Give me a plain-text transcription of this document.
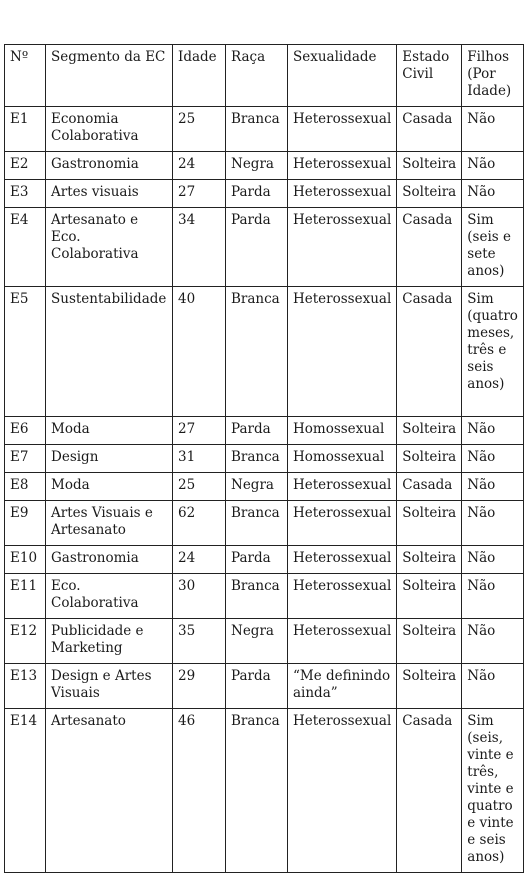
Nº	Segmento da EC	Idade	Raça	Sexualidade	Estado Civil	Filhos (Por Idade)
E1	Economia Colaborativa	25	Branca	Heterossexual	Casada	Não
E2	Gastronomia	24	Negra	Heterossexual	Solteira	Não
E3	Artes visuais	27	Parda	Heterossexual	Solteira	Não
E4	Artesanato e Eco. Colaborativa	34	Parda	Heterossexual	Casada	Sim (seis e sete anos)
E5	Sustentabilidade	40	Branca	Heterossexual	Casada	Sim (quatro meses, três e seis anos)
E6	Moda	27	Parda	Homossexual	Solteira	Não
E7	Design	31	Branca	Homossexual	Solteira	Não
E8	Moda	25	Negra	Heterossexual	Casada	Não
E9	Artes Visuais e Artesanato	62	Branca	Heterossexual	Solteira	Não
E10	Gastronomia	24	Parda	Heterossexual	Solteira	Não
E11	Eco. Colaborativa	30	Branca	Heterossexual	Solteira	Não
E12	Publicidade e Marketing	35	Negra	Heterossexual	Solteira	Não
E13	Design e Artes Visuais	29	Parda	“Me definindo ainda”	Solteira	Não
E14	Artesanato	46	Branca	Heterossexual	Casada	Sim (seis, vinte e três, vinte e quatro e vinte e seis anos)
